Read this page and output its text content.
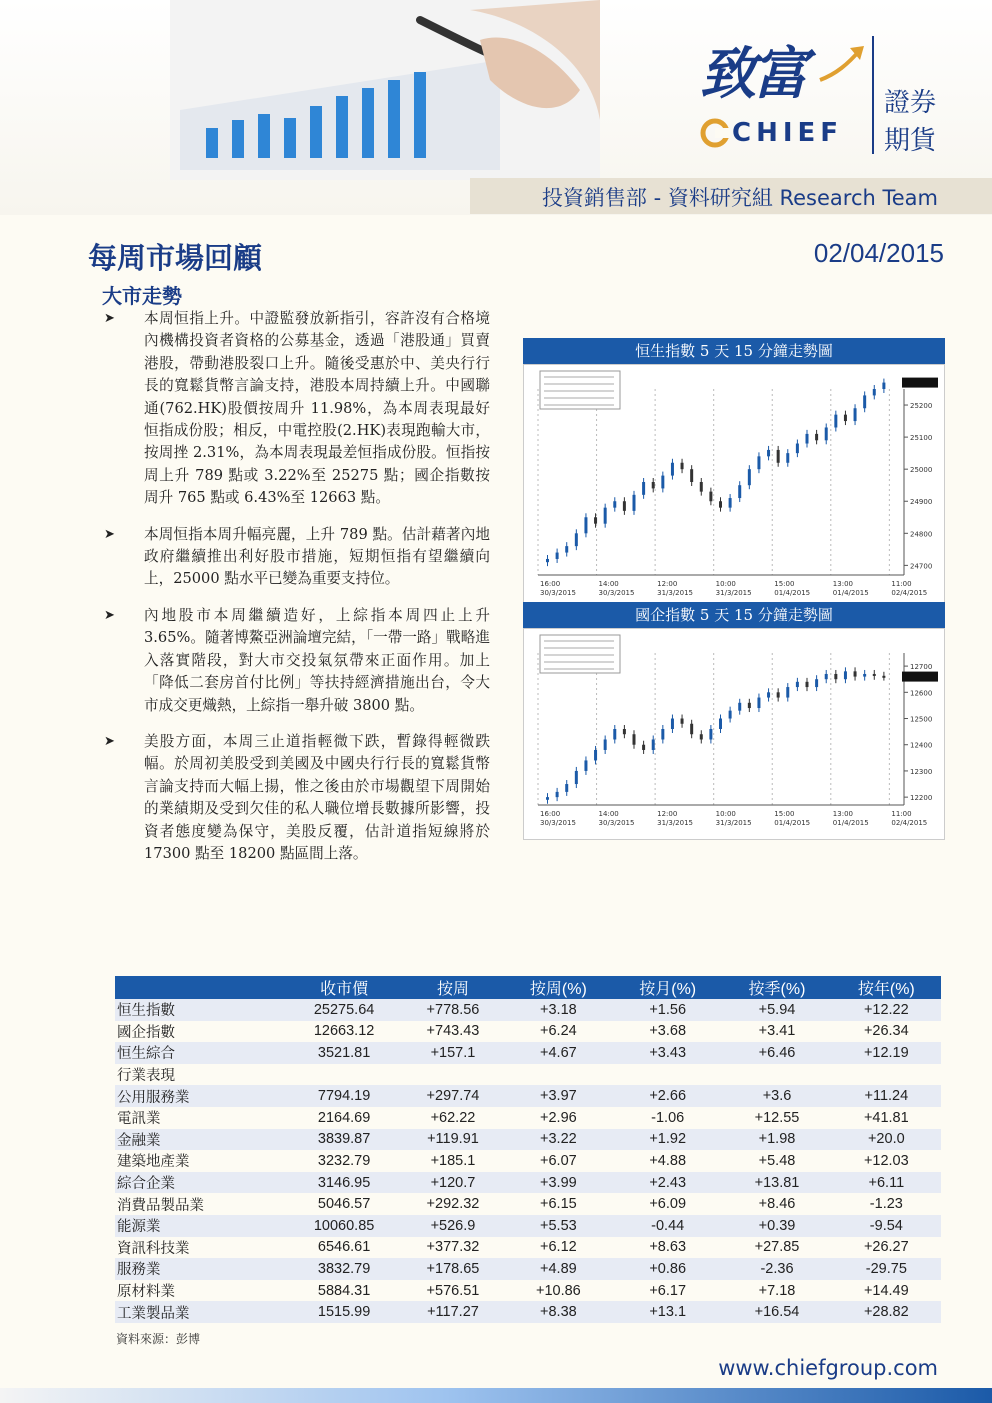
致富
CHIEF
證券
期貨
投資銷售部 - 資料研究組 Research Team
每周市場回顧	02/04/2015
大市走勢
➤ 本周恒指上升。中證監發放新指引，容許沒有合格境內機構投資者資格的公募基金，透過「港股通」買賣港股，帶動港股裂口上升。隨後受惠於中、美央行行長的寬鬆貨幣言論支持，港股本周持續上升。中國聯通(762.HK)股價按周升 11.98%，為本周表現最好恒指成份股；相反，中電控股(2.HK)表現跑輸大市，按周挫 2.31%，為本周表現最差恒指成份股。恒指按周上升 789 點或 3.22%至 25275 點；國企指數按周升 765 點或 6.43%至 12663 點。
➤ 本周恒指本周升幅亮麗，上升 789 點。估計藉著內地政府繼續推出利好股市措施，短期恒指有望繼續向上，25000 點水平已變為重要支持位。
➤ 內地股市本周繼續造好，上綜指本周四止上升 3.65%。隨著博鰲亞洲論壇完結，「一帶一路」戰略進入落實階段，對大市交投氣氛帶來正面作用。加上「降低二套房首付比例」等扶持經濟措施出台，令大市成交更熾熱，上綜指一舉升破 3800 點。
➤ 美股方面，本周三止道指輕微下跌，暫錄得輕微跌幅。於周初美股受到美國及中國央行行長的寬鬆貨幣言論支持而大幅上揚，惟之後由於市場觀望下周開始的業績期及受到欠佳的私人職位增長數據所影響，投資者態度變為保守，美股反覆，估計道指短線將於 17300 點至 18200 點區間上落。
恒生指數 5 天 15 分鐘走勢圖
16:00
30/3/2015
14:00
30/3/2015
12:00
31/3/2015
10:00
31/3/2015
15:00
01/4/2015
13:00
01/4/2015
11:00
02/4/2015
25200
25100
25000
24900
24800
24700
國企指數 5 天 15 分鐘走勢圖
16:00
30/3/2015
14:00
30/3/2015
12:00
31/3/2015
10:00
31/3/2015
15:00
01/4/2015
13:00
01/4/2015
11:00
02/4/2015
12700
12600
12500
12400
12300
12200
	收市價	按周	按周(%)	按月(%)	按季(%)	按年(%)
恒生指數	25275.64	+778.56	+3.18	+1.56	+5.94	+12.22
國企指數	12663.12	+743.43	+6.24	+3.68	+3.41	+26.34
恒生綜合	3521.81	+157.1	+4.67	+3.43	+6.46	+12.19
行業表現						
公用服務業	7794.19	+297.74	+3.97	+2.66	+3.6	+11.24
電訊業	2164.69	+62.22	+2.96	-1.06	+12.55	+41.81
金融業	3839.87	+119.91	+3.22	+1.92	+1.98	+20.0
建築地產業	3232.79	+185.1	+6.07	+4.88	+5.48	+12.03
綜合企業	3146.95	+120.7	+3.99	+2.43	+13.81	+6.11
消費品製品業	5046.57	+292.32	+6.15	+6.09	+8.46	-1.23
能源業	10060.85	+526.9	+5.53	-0.44	+0.39	-9.54
資訊科技業	6546.61	+377.32	+6.12	+8.63	+27.85	+26.27
服務業	3832.79	+178.65	+4.89	+0.86	-2.36	-29.75
原材料業	5884.31	+576.51	+10.86	+6.17	+7.18	+14.49
工業製品業	1515.99	+117.27	+8.38	+13.1	+16.54	+28.82
資料來源：彭博
www.chiefgroup.com
